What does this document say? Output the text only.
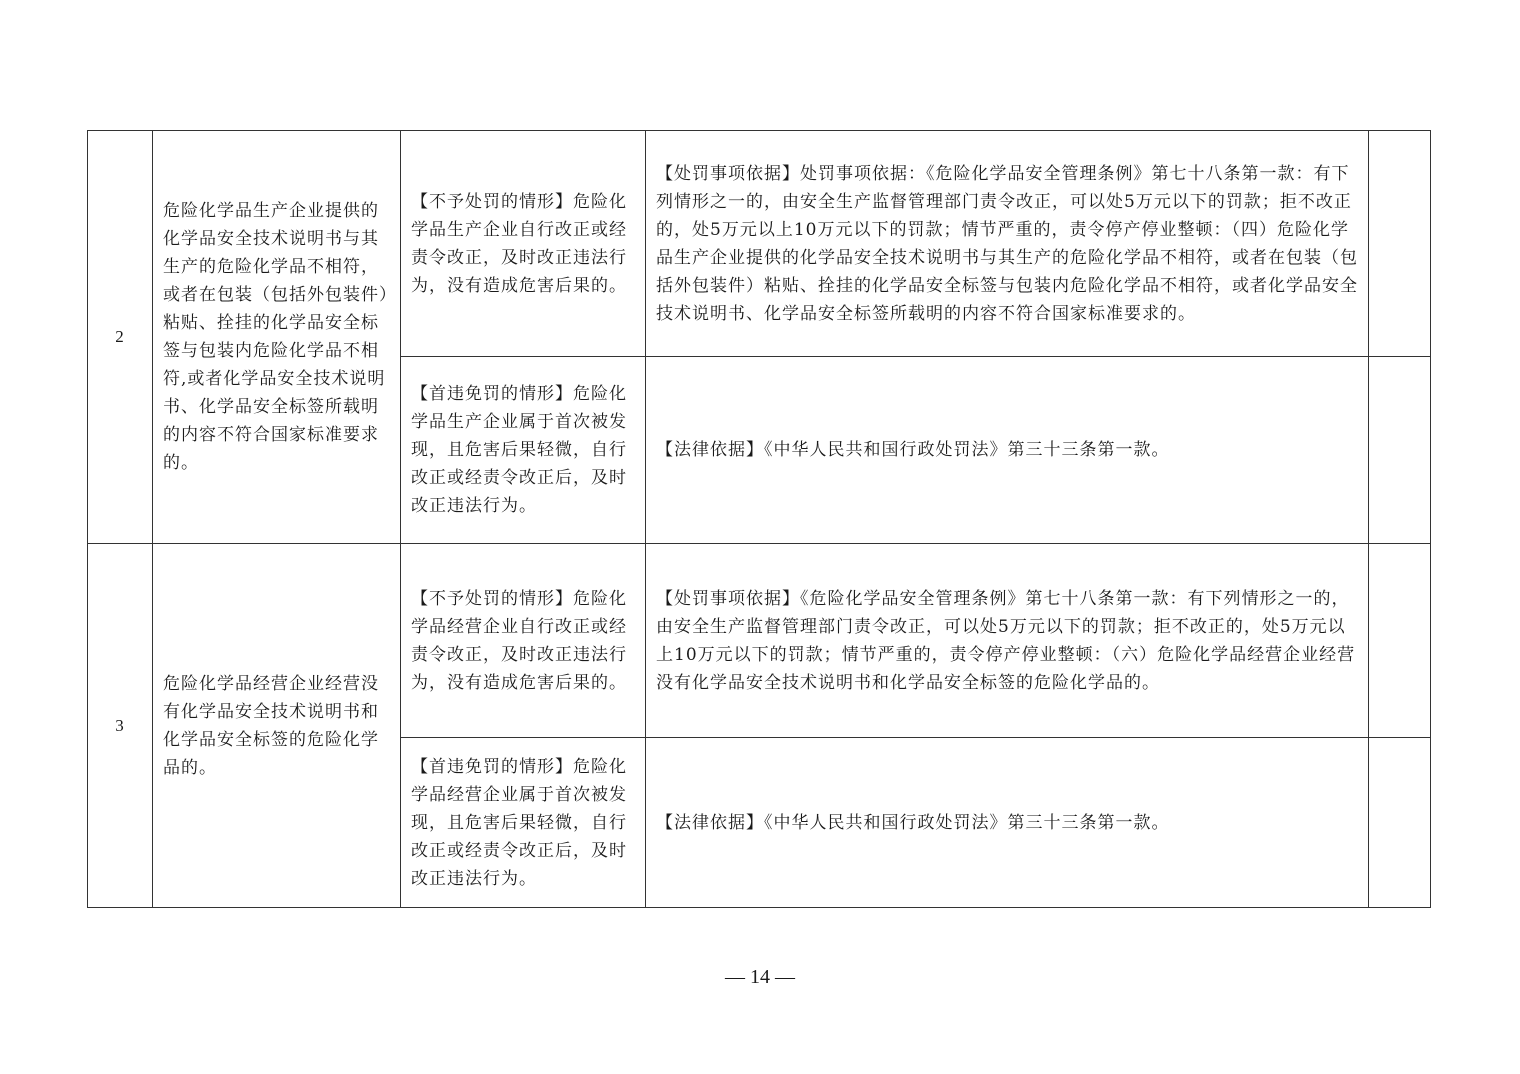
2	危险化学品生产企业提供的化学品安全技术说明书与其生产的危险化学品不相符，或者在包装（包括外包装件）粘贴、拴挂的化学品安全标签与包装内危险化学品不相符,或者化学品安全技术说明书、化学品安全标签所载明的内容不符合国家标准要求的。	【不予处罚的情形】危险化学品生产企业自行改正或经责令改正，及时改正违法行为，没有造成危害后果的。	【处罚事项依据】处罚事项依据：《危险化学品安全管理条例》第七十八条第一款：有下列情形之一的，由安全生产监督管理部门责令改正，可以处5万元以下的罚款；拒不改正的，处5万元以上10万元以下的罚款；情节严重的，责令停产停业整顿：（四）危险化学品生产企业提供的化学品安全技术说明书与其生产的危险化学品不相符，或者在包装（包括外包装件）粘贴、拴挂的化学品安全标签与包装内危险化学品不相符，或者化学品安全技术说明书、化学品安全标签所载明的内容不符合国家标准要求的。	
		【首违免罚的情形】危险化学品生产企业属于首次被发现，且危害后果轻微，自行改正或经责令改正后，及时改正违法行为。	【法律依据】《中华人民共和国行政处罚法》第三十三条第一款。	
3	危险化学品经营企业经营没有化学品安全技术说明书和化学品安全标签的危险化学品的。	【不予处罚的情形】危险化学品经营企业自行改正或经责令改正，及时改正违法行为，没有造成危害后果的。	【处罚事项依据】《危险化学品安全管理条例》第七十八条第一款：有下列情形之一的，由安全生产监督管理部门责令改正，可以处5万元以下的罚款；拒不改正的，处5万元以上10万元以下的罚款；情节严重的，责令停产停业整顿：（六）危险化学品经营企业经营没有化学品安全技术说明书和化学品安全标签的危险化学品的。	
		【首违免罚的情形】危险化学品经营企业属于首次被发现，且危害后果轻微，自行改正或经责令改正后，及时改正违法行为。	【法律依据】《中华人民共和国行政处罚法》第三十三条第一款。	
— 14 —
